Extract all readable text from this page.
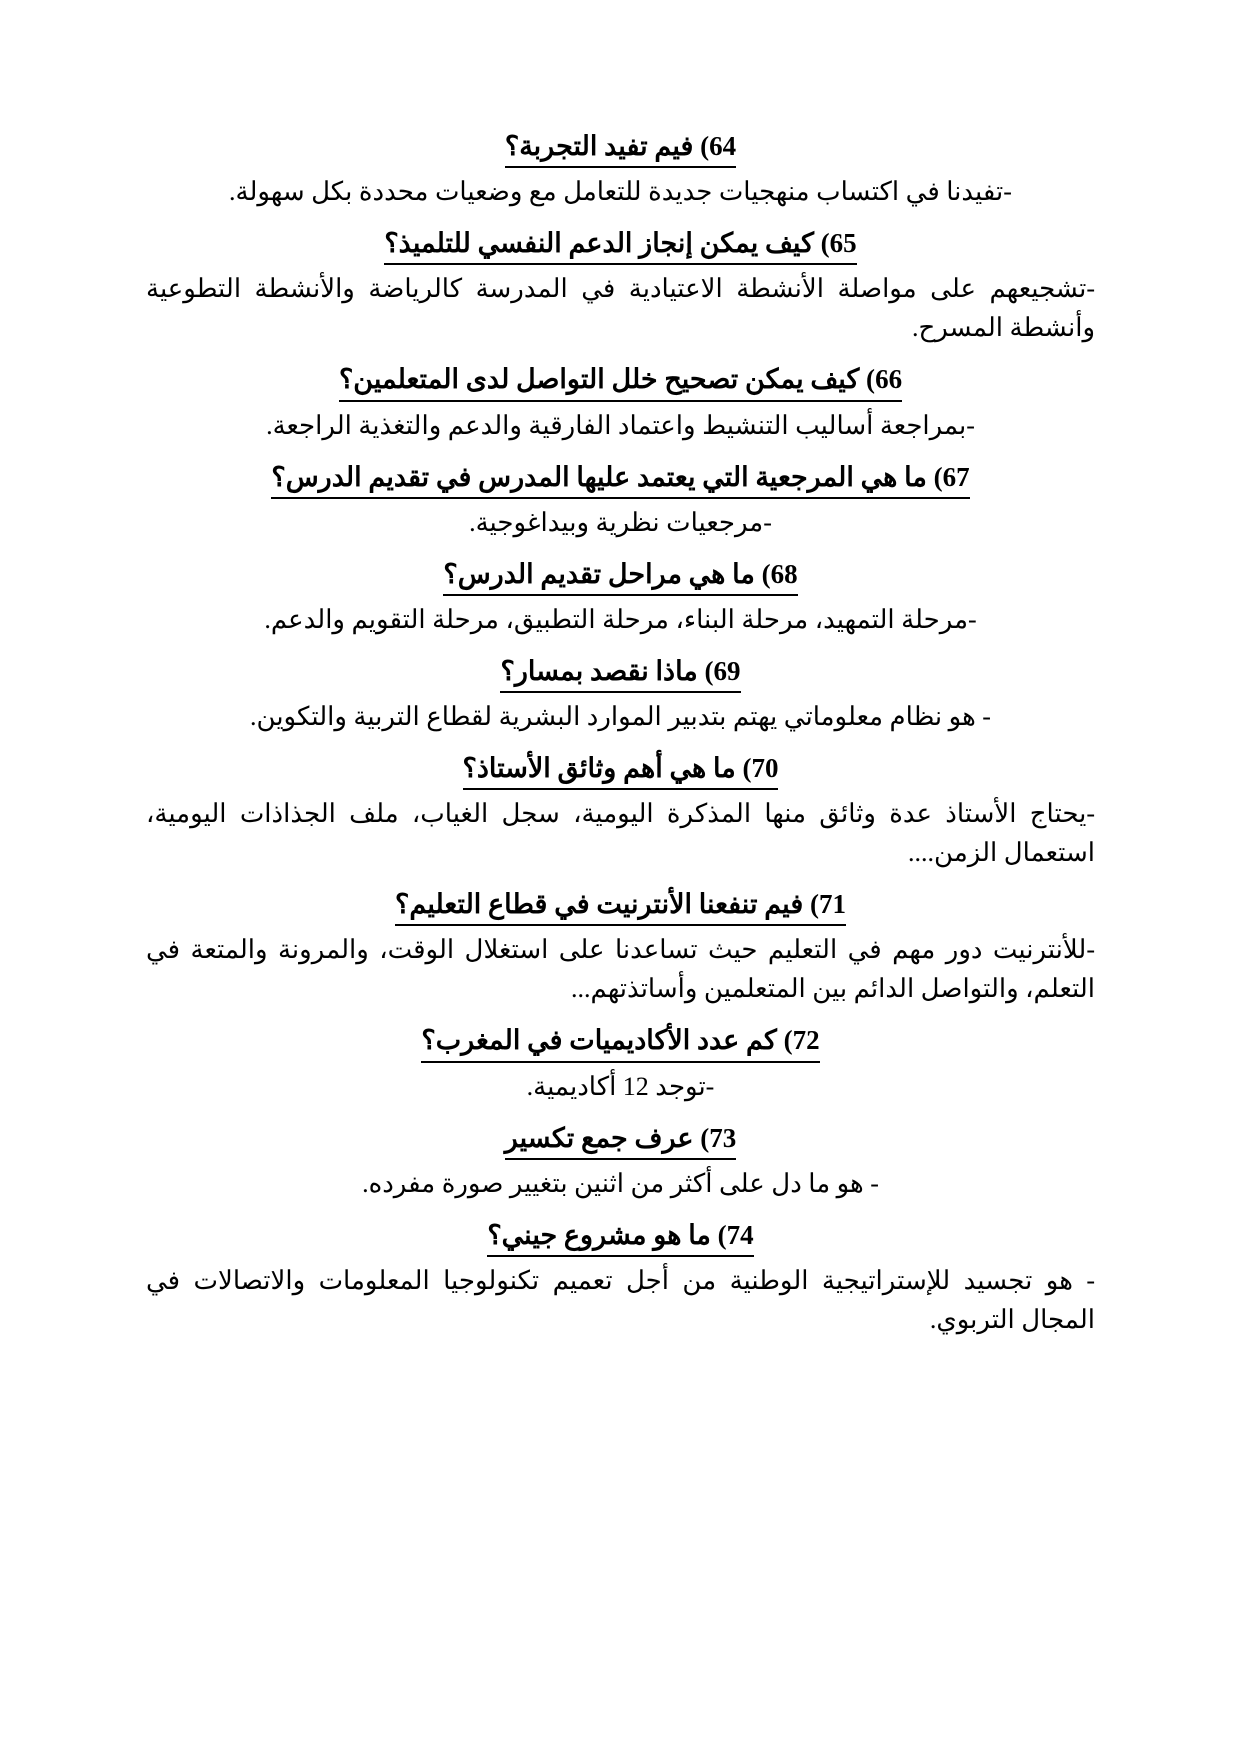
64) فيم تفيد التجربة؟

-تفيدنا في اكتساب منهجيات جديدة للتعامل مع وضعيات محددة بكل سهولة.

65) كيف يمكن إنجاز الدعم النفسي للتلميذ؟

-تشجيعهم على مواصلة الأنشطة الاعتيادية في المدرسة كالرياضة والأنشطة التطوعية وأنشطة المسرح.

66) كيف يمكن تصحيح خلل التواصل لدى المتعلمين؟

-بمراجعة أساليب التنشيط واعتماد الفارقية والدعم والتغذية الراجعة.

67) ما هي المرجعية التي يعتمد عليها المدرس في تقديم الدرس؟

-مرجعيات نظرية وبيداغوجية.

68) ما هي مراحل تقديم الدرس؟

-مرحلة التمهيد، مرحلة البناء، مرحلة التطبيق، مرحلة التقويم والدعم.

69) ماذا نقصد بمسار؟

- هو نظام معلوماتي يهتم بتدبير الموارد البشرية لقطاع التربية والتكوين.

70) ما هي أهم وثائق الأستاذ؟

-يحتاج الأستاذ عدة وثائق منها المذكرة اليومية، سجل الغياب، ملف الجذاذات اليومية، استعمال الزمن....

71) فيم تنفعنا الأنترنيت في قطاع التعليم؟

-للأنترنيت دور مهم في التعليم حيث تساعدنا على استغلال الوقت، والمرونة والمتعة في التعلم، والتواصل الدائم بين المتعلمين وأساتذتهم...

72) كم عدد الأكاديميات في المغرب؟

-توجد 12 أكاديمية.

73) عرف جمع تكسير

- هو ما دل على أكثر من اثنين بتغيير صورة مفرده.

74) ما هو مشروع جيني؟

- هو تجسيد للإستراتيجية الوطنية من أجل تعميم تكنولوجيا المعلومات والاتصالات في المجال التربوي.
